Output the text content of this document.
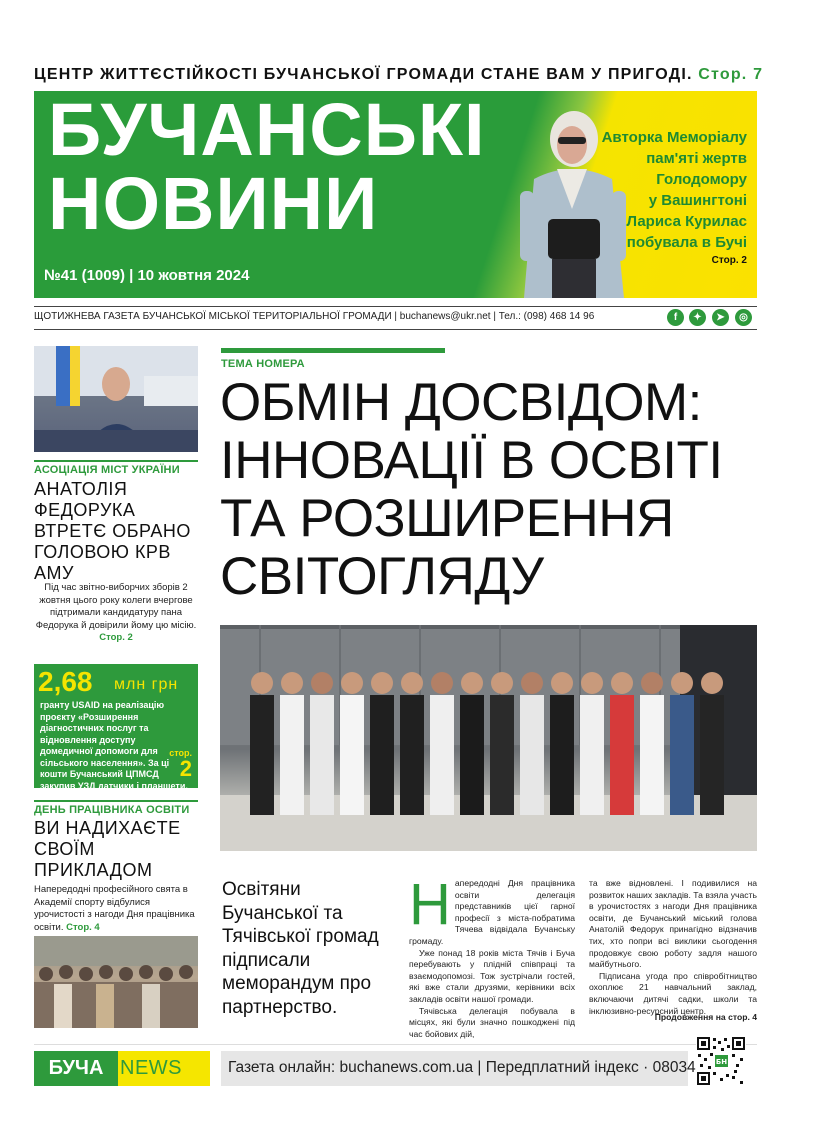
ЦЕНТР ЖИТТЄСТІЙКОСТІ БУЧАНСЬКОЇ ГРОМАДИ СТАНЕ ВАМ У ПРИГОДІ. Стор. 7
БУЧАНСЬКІ
НОВИНИ
№41 (1009) | 10 жовтня 2024
Авторка Меморіалу
пам'яті жертв
Голодомору
у Вашингтоні
Лариса Курилас
побувала в Бучі
Стор. 2
ЩОТИЖНЕВА ГАЗЕТА БУЧАНСЬКОЇ МІСЬКОЇ ТЕРИТОРІАЛЬНОЇ ГРОМАДИ | buchanews@ukr.net | Тел.: (098) 468 14 96	f	✦	➤	◎
АСОЦІАЦІЯ МІСТ УКРАЇНИ
АНАТОЛІЯ
ФЕДОРУКА
ВТРЕТЄ ОБРАНО
ГОЛОВОЮ КРВ
АМУ
Під час звітно-виборчих зборів 2 жовтня цього року колеги вчергове підтримали кандидатуру пана Федорука й довірили йому цю місію. Стор. 2
2,68 млн грн
гранту USAID на реалізацію проєкту «Розширення діагностичних послуг та відновлення доступу домедичної допомоги для сільського населення». За ці кошти Бучанський ЦПМСД закупив УЗД датчики і планшети.
стор.
2
ДЕНЬ ПРАЦІВНИКА ОСВІТИ
ВИ НАДИХАЄТЕ
СВОЇМ
ПРИКЛАДОМ
Напередодні професійного свята в Академії спорту відбулися урочистості з нагоди Дня працівника освіти. Стор. 4
ТЕМА НОМЕРА
ОБМІН ДОСВІДОМ:
ІННОВАЦІЇ В ОСВІТІ
ТА РОЗШИРЕННЯ
СВІТОГЛЯДУ
Освітяни
Бучанської та
Тячівської громад
підписали
меморандум про
партнерство.
Н апередодні Дня працівника освіти делегація представників цієї гарної професії з міста-побратима Тячева відвідала Бучанську громаду.
Уже понад 18 років міста Тячів і Буча перебувають у плідній співпраці та взаємодопомозі. Тож зустрічали гостей, які вже стали друзями, керівники всіх закладів освіти нашої громади.
Тячівська делегація побувала в місцях, які були значно пошкоджені під час бойових дій,
та вже відновлені. І подивилися на розвиток наших закладів. Та взяла участь в урочистостях з нагоди Дня працівника освіти, де Бучанський міський голова Анатолій Федорук принагідно відзначив тих, хто попри всі виклики сьогодення продовжує свою роботу задля нашого майбутнього.
Підписана угода про співробітництво охоплює 21 навчальний заклад, включаючи дитячі садки, школи та інклюзивно-ресурсний центр.
Продовження на стор. 4
БУЧА NEWS	Газета онлайн: buchanews.com.ua | Передплатний індекс · 08034	БН
